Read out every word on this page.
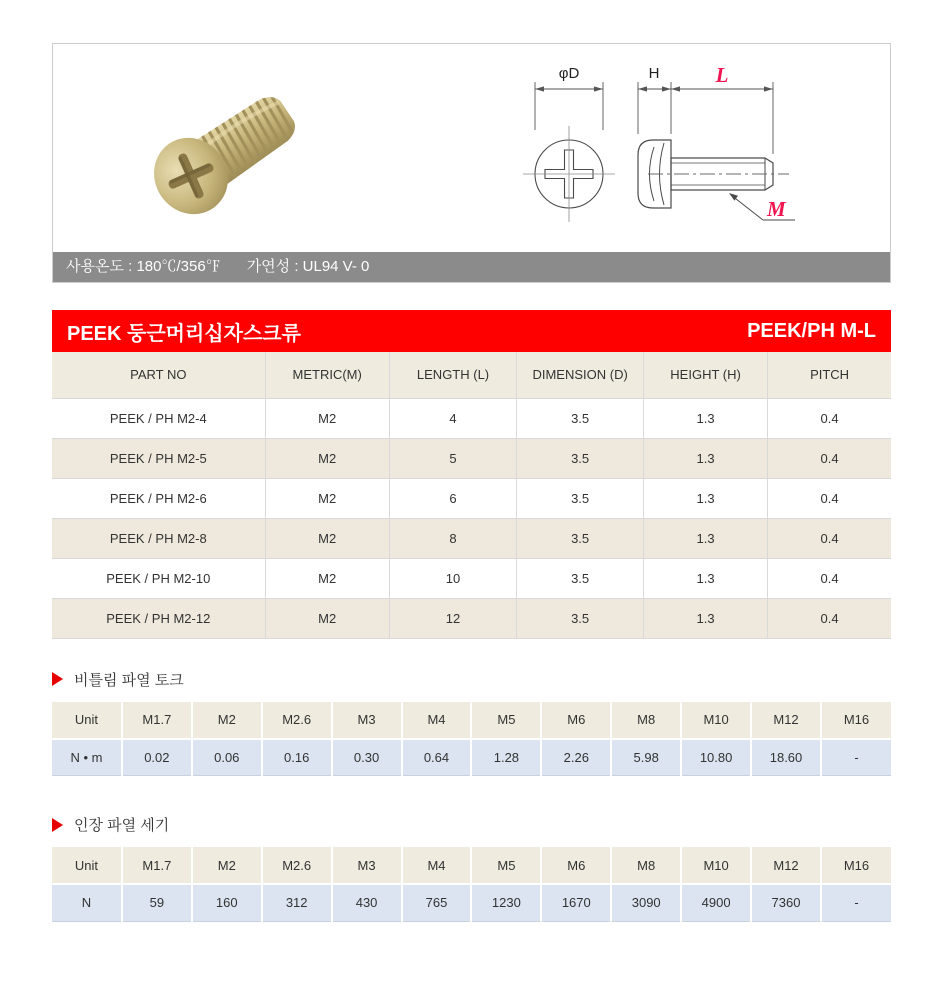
φD	H	L
M
사용온도 : 180℃/356℉ 가연성 : UL94 V- 0
PEEK 둥근머리십자스크류	PEEK/PH M-L
PART NO	METRIC(M)	LENGTH (L)	DIMENSION (D)	HEIGHT (H)	PITCH
PEEK / PH M2-4	M2	4	3.5	1.3	0.4
PEEK / PH M2-5	M2	5	3.5	1.3	0.4
PEEK / PH M2-6	M2	6	3.5	1.3	0.4
PEEK / PH M2-8	M2	8	3.5	1.3	0.4
PEEK / PH M2-10	M2	10	3.5	1.3	0.4
PEEK / PH M2-12	M2	12	3.5	1.3	0.4
비틀림 파열 토크
Unit	M1.7	M2	M2.6	M3	M4	M5	M6	M8	M10	M12	M16
N • m	0.02	0.06	0.16	0.30	0.64	1.28	2.26	5.98	10.80	18.60	-
인장 파열 세기
Unit	M1.7	M2	M2.6	M3	M4	M5	M6	M8	M10	M12	M16
N	59	160	312	430	765	1230	1670	3090	4900	7360	-
